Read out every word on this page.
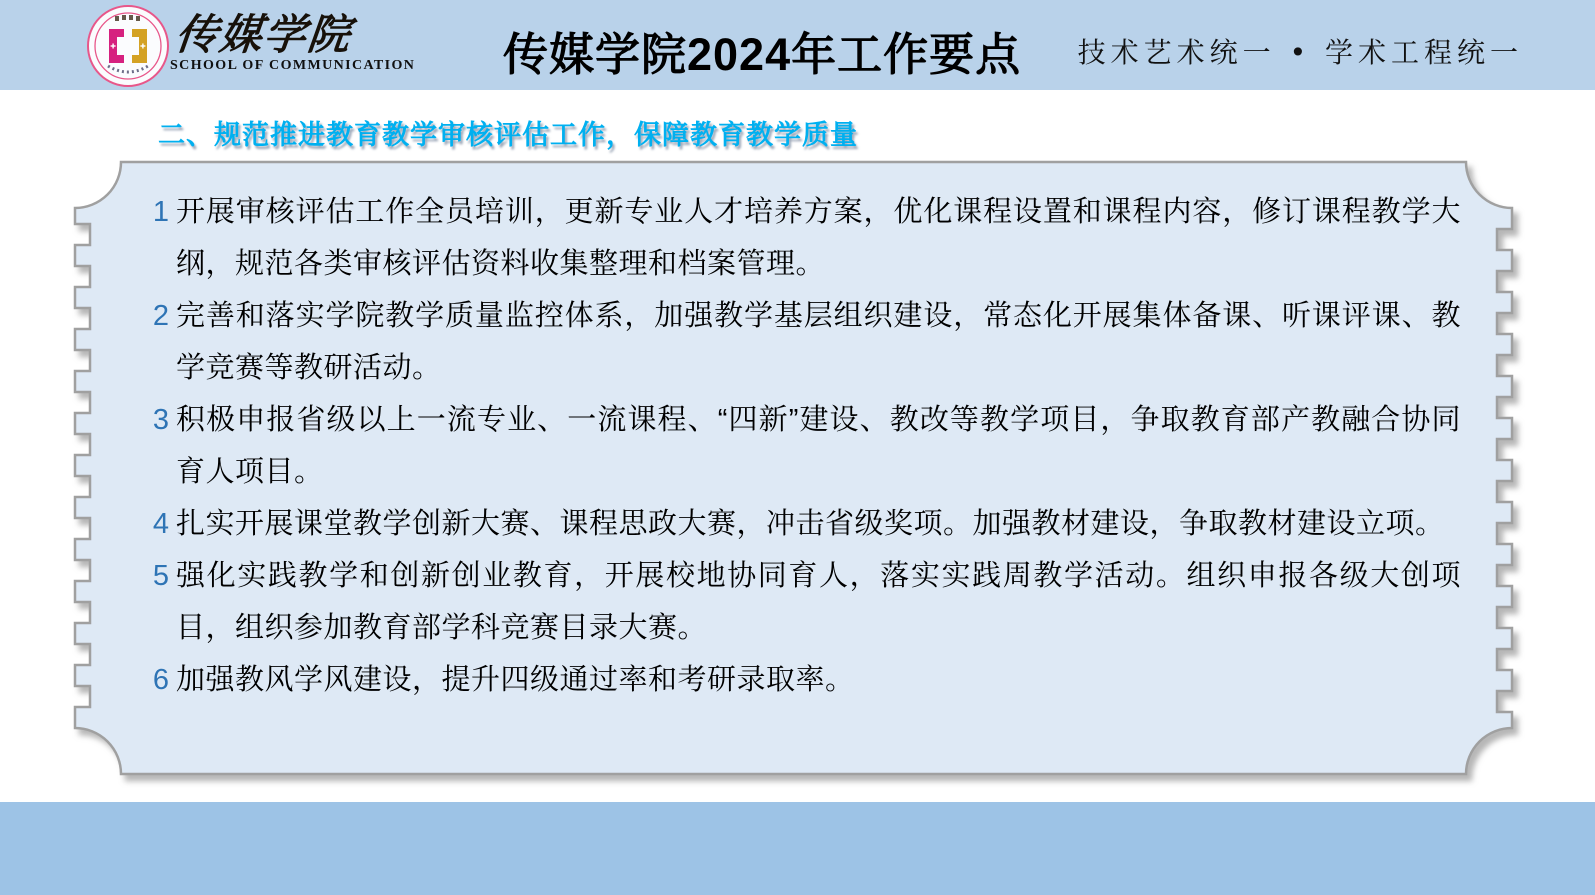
传媒学院
SCHOOL OF COMMUNICATION 传媒学院2024年工作要点 技术艺术统一 • 学术工程统一
二、规范推进教育教学审核评估工作，保障教育教学质量
1 开展审核评估工作全员培训，更新专业人才培养方案，优化课程设置和课程内容，修订课程教学大纲，规范各类审核评估资料收集整理和档案管理。
2 完善和落实学院教学质量监控体系，加强教学基层组织建设，常态化开展集体备课、听课评课、教学竞赛等教研活动。
3 积极申报省级以上一流专业、一流课程、“四新”建设、教改等教学项目，争取教育部产教融合协同育人项目。
4 扎实开展课堂教学创新大赛、课程思政大赛，冲击省级奖项。加强教材建设，争取教材建设立项。
5 强化实践教学和创新创业教育，开展校地协同育人，落实实践周教学活动。组织申报各级大创项目，组织参加教育部学科竞赛目录大赛。
6 加强教风学风建设，提升四级通过率和考研录取率。
